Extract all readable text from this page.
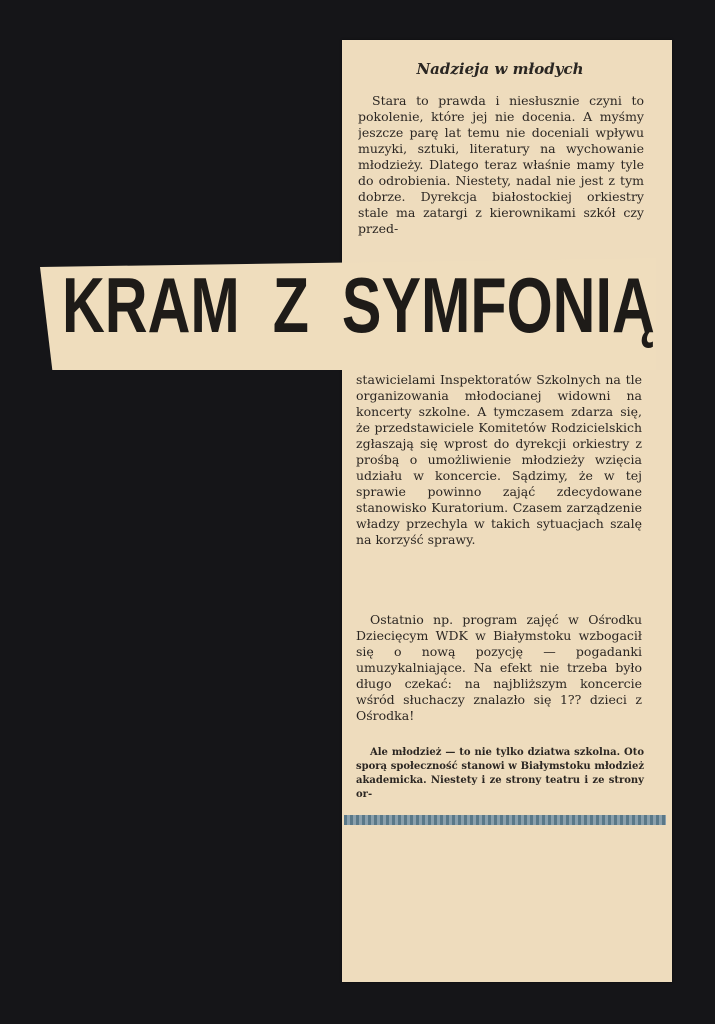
Nadzieja w młodych
Stara to prawda i niesłusznie czyni to pokolenie, które jej nie docenia. A myśmy jeszcze parę lat temu nie doceniali wpływu muzyki, sztuki, literatury na wychowanie młodzieży. Dlatego teraz właśnie mamy tyle do odrobienia. Niestety, nadal nie jest z tym dobrze. Dyrekcja białostockiej orkiestry stale ma zatargi z kierownikami szkół czy przed-
KRAM  Z  SYMFONIĄ
stawicielami Inspektoratów Szkolnych na tle organizowania młodocianej widowni na koncerty szkolne. A tymczasem zdarza się, że przedstawiciele Komitetów Rodzicielskich zgłaszają się wprost do dyrekcji orkiestry z prośbą o umożliwienie młodzieży wzięcia udziału w koncercie. Sądzimy, że w tej sprawie powinno zająć zdecydowane stanowisko Kuratorium. Czasem zarządzenie władzy przechyla w takich sytuacjach szalę na korzyść sprawy.
Ostatnio np. program zajęć w Ośrodku Dziecięcym WDK w Białymstoku wzbogacił się o nową pozycję — pogadanki umuzykalniające. Na efekt nie trzeba było długo czekać: na najbliższym koncercie wśród słuchaczy znalazło się 1?? dzieci z Ośrodka!
Ale młodzież — to nie tylko dziatwa szkolna. Oto sporą społeczność stanowi w Białymstoku młodzież akademicka. Niestety i ze strony teatru i ze strony or-
